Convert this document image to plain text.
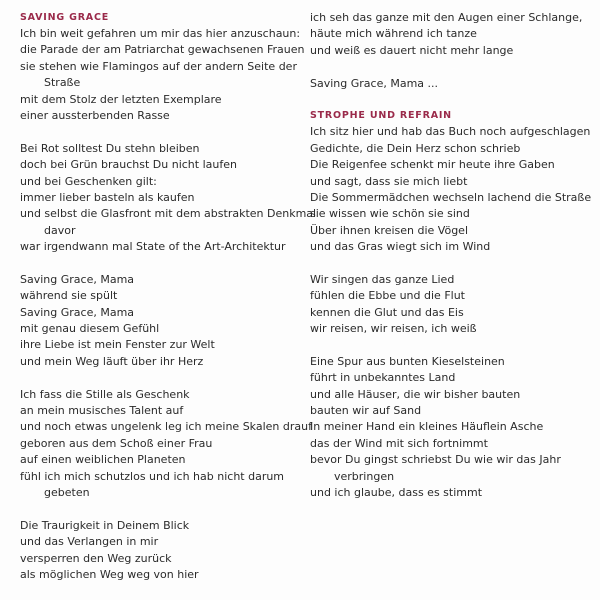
SAVING GRACE
Ich bin weit gefahren um mir das hier anzuschaun:
die Parade der am Patriarchat gewachsenen Frauen
sie stehen wie Flamingos auf der andern Seite der
Straße
mit dem Stolz der letzten Exemplare
einer aussterbenden Rasse
Bei Rot solltest Du stehn bleiben
doch bei Grün brauchst Du nicht laufen
und bei Geschenken gilt:
immer lieber basteln als kaufen
und selbst die Glasfront mit dem abstrakten Denkmal
davor
war irgendwann mal State of the Art-Architektur
Saving Grace, Mama
während sie spült
Saving Grace, Mama
mit genau diesem Gefühl
ihre Liebe ist mein Fenster zur Welt
und mein Weg läuft über ihr Herz
Ich fass die Stille als Geschenk
an mein musisches Talent auf
und noch etwas ungelenk leg ich meine Skalen drauf
geboren aus dem Schoß einer Frau
auf einen weiblichen Planeten
fühl ich mich schutzlos und ich hab nicht darum
gebeten
Die Traurigkeit in Deinem Blick
und das Verlangen in mir
versperren den Weg zurück
als möglichen Weg weg von hier
ich seh das ganze mit den Augen einer Schlange,
häute mich während ich tanze
und weiß es dauert nicht mehr lange
Saving Grace, Mama ...
STROPHE UND REFRAIN
Ich sitz hier und hab das Buch noch aufgeschlagen
Gedichte, die Dein Herz schon schrieb
Die Reigenfee schenkt mir heute ihre Gaben
und sagt, dass sie mich liebt
Die Sommermädchen wechseln lachend die Straße
sie wissen wie schön sie sind
Über ihnen kreisen die Vögel
und das Gras wiegt sich im Wind
Wir singen das ganze Lied
fühlen die Ebbe und die Flut
kennen die Glut und das Eis
wir reisen, wir reisen, ich weiß
Eine Spur aus bunten Kieselsteinen
führt in unbekanntes Land
und alle Häuser, die wir bisher bauten
bauten wir auf Sand
In meiner Hand ein kleines Häuflein Asche
das der Wind mit sich fortnimmt
bevor Du gingst schriebst Du wie wir das Jahr
verbringen
und ich glaube, dass es stimmt
